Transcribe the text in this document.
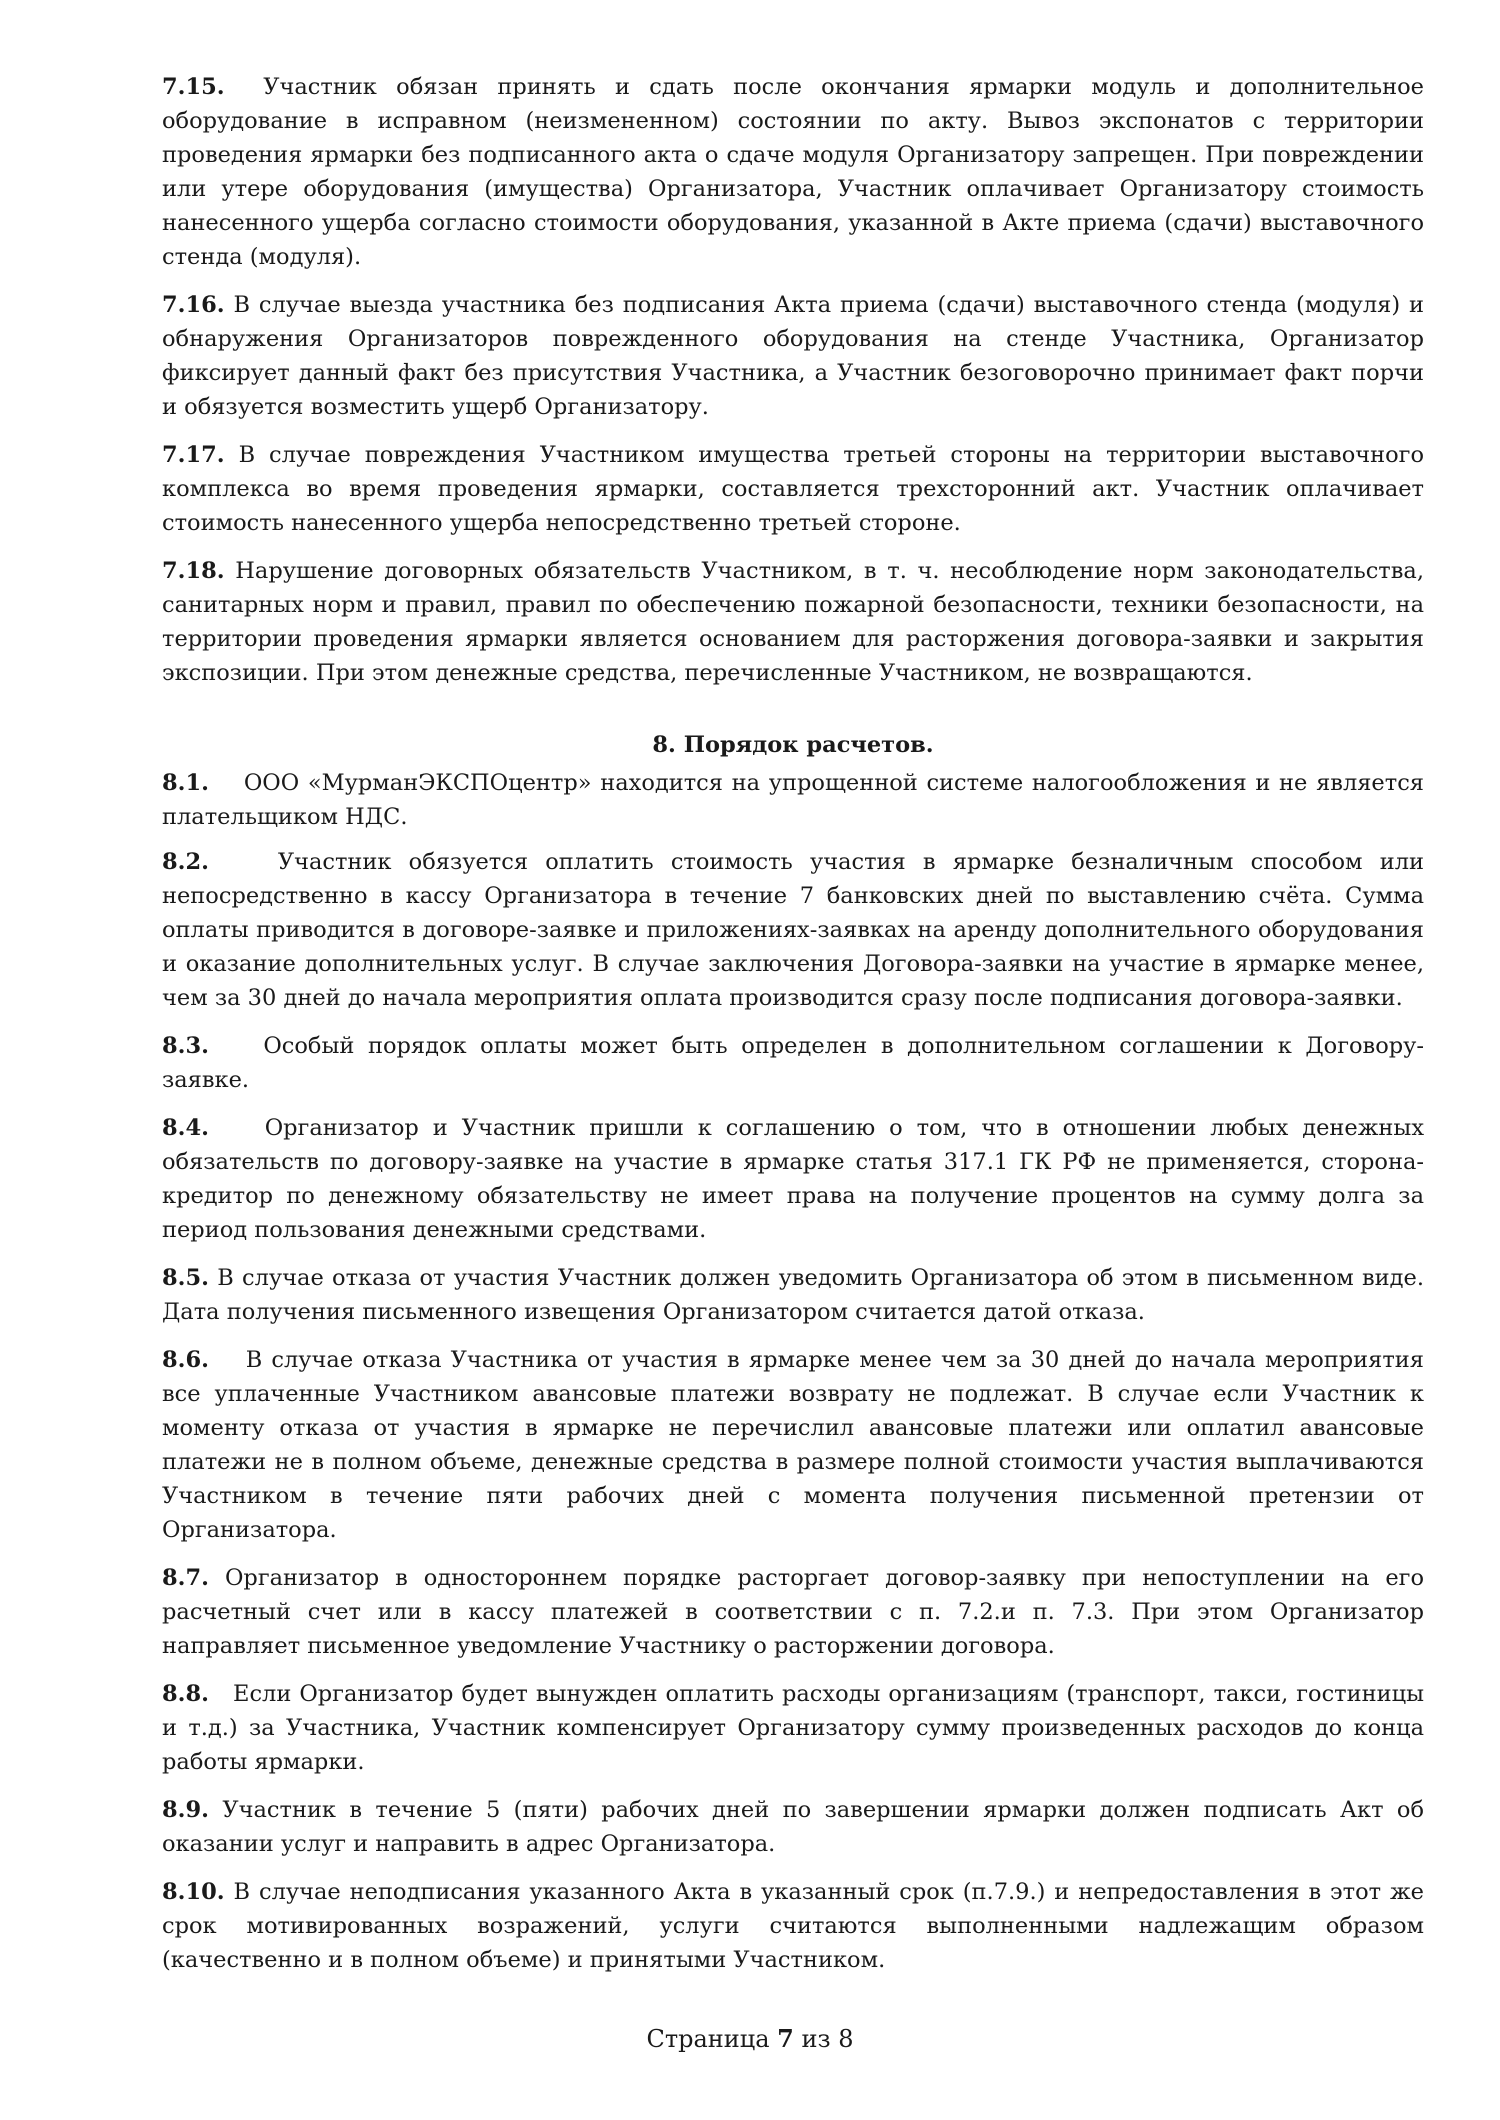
7.15. Участник обязан принять и сдать после окончания ярмарки модуль и дополнительное оборудование в исправном (неизмененном) состоянии по акту. Вывоз экспонатов с территории проведения ярмарки без подписанного акта о сдаче модуля Организатору запрещен. При повреждении или утере оборудования (имущества) Организатора, Участник оплачивает Организатору стоимость нанесенного ущерба согласно стоимости оборудования, указанной в Акте приема (сдачи) выставочного стенда (модуля).

7.16. В случае выезда участника без подписания Акта приема (сдачи) выставочного стенда (модуля) и обнаружения Организаторов поврежденного оборудования на стенде Участника, Организатор фиксирует данный факт без присутствия Участника, а Участник безоговорочно принимает факт порчи и обязуется возместить ущерб Организатору.

7.17. В случае повреждения Участником имущества третьей стороны на территории выставочного комплекса во время проведения ярмарки, составляется трехсторонний акт. Участник оплачивает стоимость нанесенного ущерба непосредственно третьей стороне.

7.18. Нарушение договорных обязательств Участником, в т. ч. несоблюдение норм законодательства, санитарных норм и правил, правил по обеспечению пожарной безопасности, техники безопасности, на территории проведения ярмарки является основанием для расторжения договора-заявки и закрытия экспозиции. При этом денежные средства, перечисленные Участником, не возвращаются.

8. Порядок расчетов.

8.1. ООО «МурманЭКСПОцентр» находится на упрощенной системе налогообложения и не является плательщиком НДС.

8.2.	Участник обязуется оплатить стоимость участия в ярмарке безналичным способом или непосредственно в кассу Организатора в течение 7 банковских дней по выставлению счёта. Сумма оплаты приводится в договоре-заявке и приложениях-заявках на аренду дополнительного оборудования и оказание дополнительных услуг. В случае заключения Договора-заявки на участие в ярмарке менее, чем за 30 дней до начала мероприятия оплата производится сразу после подписания договора-заявки.

8.3. Особый порядок оплаты может быть определен в дополнительном соглашении к Договору- заявке.

8.4. Организатор и Участник пришли к соглашению о том, что в отношении любых денежных обязательств по договору-заявке на участие в ярмарке статья 317.1 ГК РФ не применяется, сторона- кредитор по денежному обязательству не имеет права на получение процентов на сумму долга за период пользования денежными средствами.

8.5. В случае отказа от участия Участник должен уведомить Организатора об этом в письменном виде. Дата получения письменного извещения Организатором считается датой отказа.

8.6. В случае отказа Участника от участия в ярмарке менее чем за 30 дней до начала мероприятия все уплаченные Участником авансовые платежи возврату не подлежат. В случае если Участник к моменту отказа от участия в ярмарке не перечислил авансовые платежи или оплатил авансовые платежи не в полном объеме, денежные средства в размере полной стоимости участия выплачиваются Участником в течение пяти рабочих дней с момента получения письменной претензии от Организатора.

8.7. Организатор в одностороннем порядке расторгает договор-заявку при непоступлении на его расчетный счет или в кассу платежей в соответствии с п. 7.2.и п. 7.3. При этом Организатор направляет письменное уведомление Участнику о расторжении договора.

8.8. Если Организатор будет вынужден оплатить расходы организациям (транспорт, такси, гостиницы и т.д.) за Участника, Участник компенсирует Организатору сумму произведенных расходов до конца работы ярмарки.

8.9. Участник в течение 5 (пяти) рабочих дней по завершении ярмарки должен подписать Акт об оказании услуг и направить в адрес Организатора.

8.10. В случае неподписания указанного Акта в указанный срок (п.7.9.) и непредоставления в этот же срок мотивированных возражений, услуги считаются выполненными надлежащим образом (качественно и в полном объеме) и принятыми Участником.

Страница 7 из 8
